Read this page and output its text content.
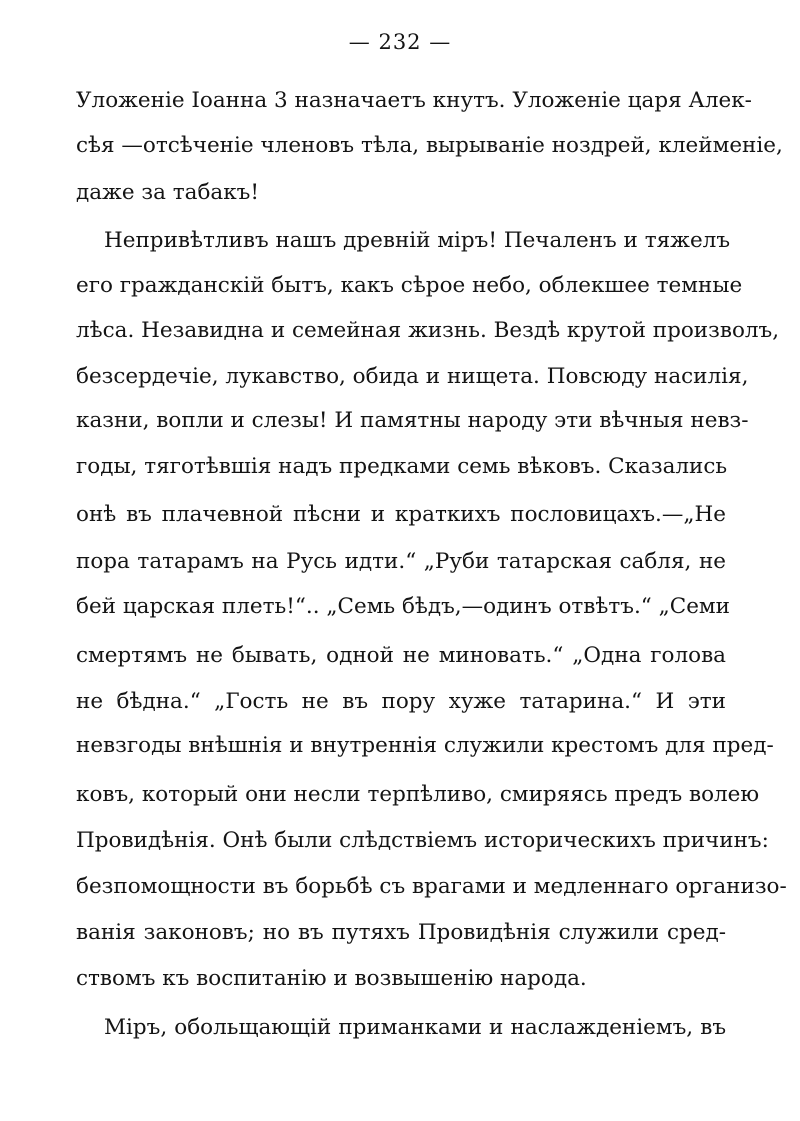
— 232 —
Уложеніе Іоанна 3 назначаетъ кнутъ. Уложеніе царя Алек-
сѣя —отсѣченіе членовъ тѣла, вырываніе ноздрей, клейменіе,
даже за табакъ!
Непривѣтливъ нашъ древній міръ! Печаленъ и тяжелъ
его гражданскій бытъ, какъ сѣрое небо, облекшее темные
лѣса. Незавидна и семейная жизнь. Вездѣ крутой произволъ,
безсердечіе, лукавство, обида и нищета. Повсюду насилія,
казни, вопли и слезы! И памятны народу эти вѣчныя невз-
годы, тяготѣвшія надъ предками семь вѣковъ. Сказались
онѣ въ плачевной пѣсни и краткихъ пословицахъ.—„Не
пора татарамъ на Русь идти.“ „Руби татарская сабля, не
бей царская плеть!“.. „Семь бѣдъ,—одинъ отвѣтъ.“ „Семи
смертямъ не бывать, одной не миновать.“ „Одна голова
не бѣдна.“ „Гость не въ пору хуже татарина.“ И эти
невзгоды внѣшнія и внутреннія служили крестомъ для пред-
ковъ, который они несли терпѣливо, смиряясь предъ волею
Провидѣнія. Онѣ были слѣдствіемъ историческихъ причинъ:
безпомощности въ борьбѣ съ врагами и медленнаго организо-
ванія законовъ; но въ путяхъ Провидѣнія служили сред-
ствомъ къ воспитанію и возвышенію народа.
Міръ, обольщающій приманками и наслажденіемъ, въ
